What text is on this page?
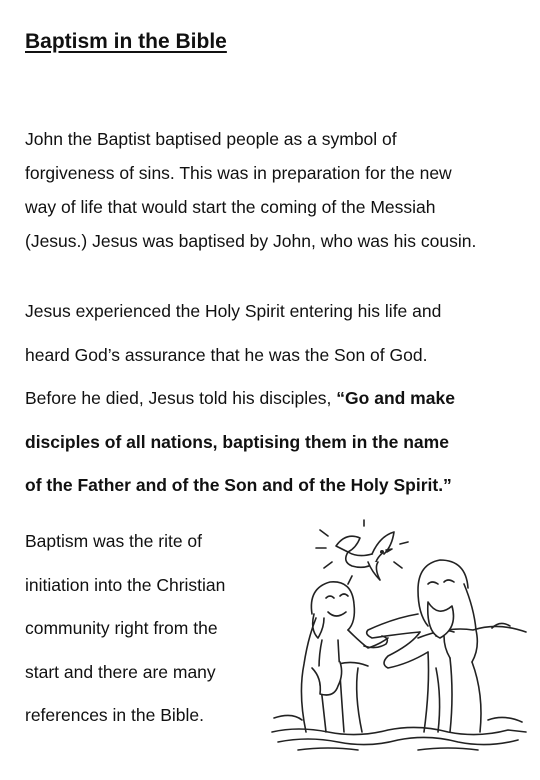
Baptism in the Bible

John the Baptist baptised people as a symbol of
forgiveness of sins. This was in preparation for the new
way of life that would start the coming of the Messiah
(Jesus.) Jesus was baptised by John, who was his cousin.

Jesus experienced the Holy Spirit entering his life and
heard God’s assurance that he was the Son of God.
Before he died, Jesus told his disciples, “Go and make
disciples of all nations, baptising them in the name
of the Father and of the Son and of the Holy Spirit.”

Baptism was the rite of
initiation into the Christian
community right from the
start and there are many
references in the Bible.
